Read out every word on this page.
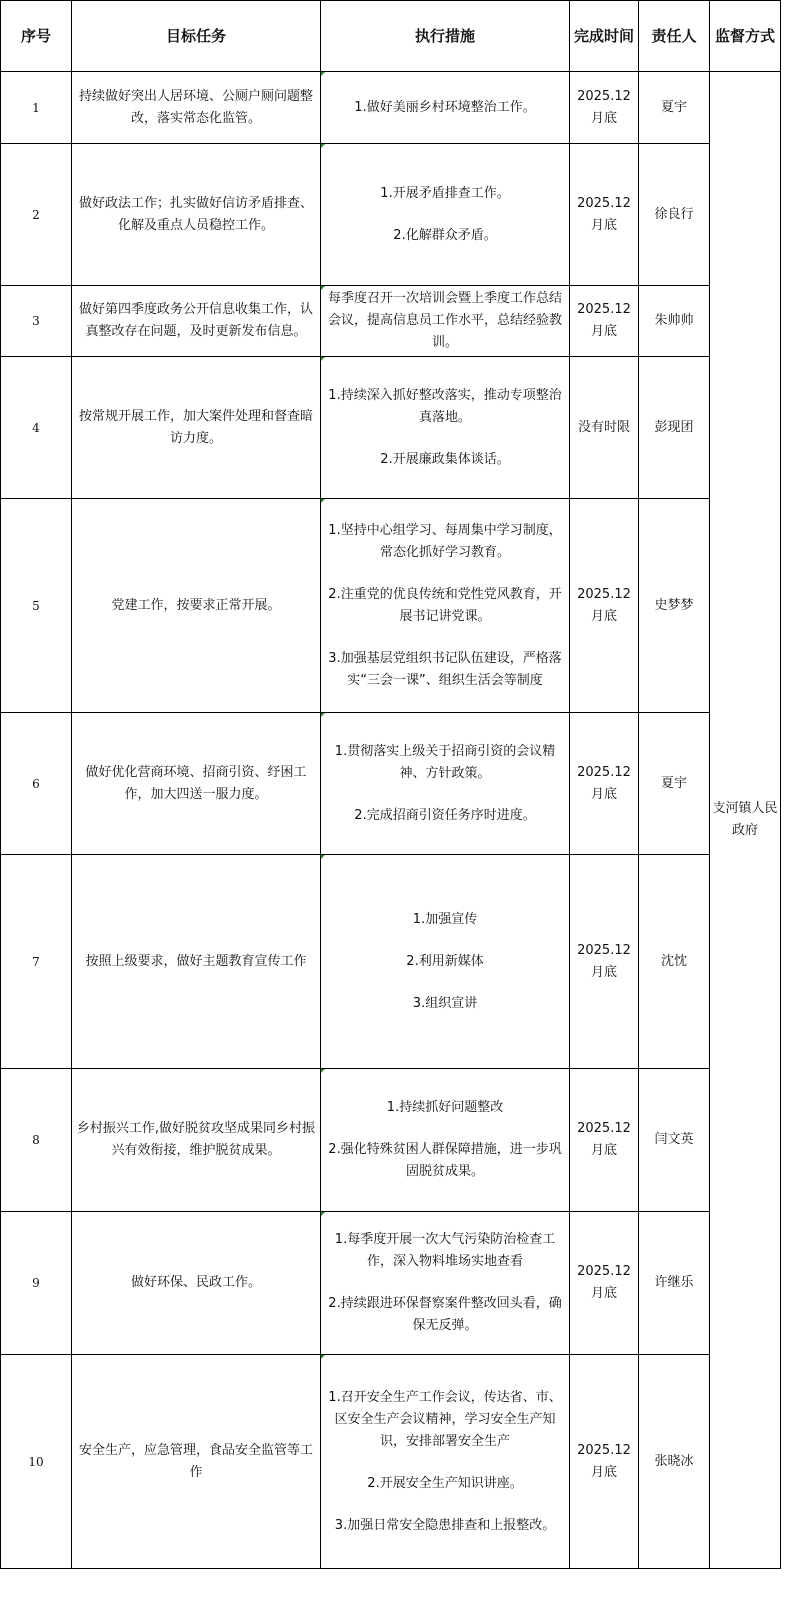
序号	目标任务	执行措施	完成时间	责任人	监督方式
1	持续做好突出人居环境、公厕户厕问题整改，落实常态化监管。	1.做好美丽乡村环境整治工作。	2025.12月底	夏宇	支河镇人民政府
2	做好政法工作；扎实做好信访矛盾排查、化解及重点人员稳控工作。	1.开展矛盾排查工作。
2.化解群众矛盾。	2025.12月底	徐良行	
3	做好第四季度政务公开信息收集工作，认真整改存在问题，及时更新发布信息。	每季度召开一次培训会暨上季度工作总结会议，提高信息员工作水平，总结经验教训。	2025.12月底	朱帅帅	
4	按常规开展工作，加大案件处理和督查暗访力度。	1.持续深入抓好整改落实，推动专项整治真落地。
2.开展廉政集体谈话。	没有时限	彭现团	
5	党建工作，按要求正常开展。	1.坚持中心组学习、每周集中学习制度，常态化抓好学习教育。
2.注重党的优良传统和党性党风教育，开展书记讲党课。
3.加强基层党组织书记队伍建设，严格落实“三会一课”、组织生活会等制度	2025.12月底	史梦梦	
6	做好优化营商环境、招商引资、纾困工作，加大四送一服力度。	1.贯彻落实上级关于招商引资的会议精神、方针政策。
2.完成招商引资任务序时进度。	2025.12月底	夏宇	
7	按照上级要求，做好主题教育宣传工作	1.加强宣传
2.利用新媒体
3.组织宣讲	2025.12月底	沈忱	
8	乡村振兴工作,做好脱贫攻坚成果同乡村振兴有效衔接，维护脱贫成果。	1.持续抓好问题整改
2.强化特殊贫困人群保障措施，进一步巩固脱贫成果。	2025.12月底	闫文英	
9	做好环保、民政工作。	1.每季度开展一次大气污染防治检查工作，深入物料堆场实地查看
2.持续跟进环保督察案件整改回头看，确保无反弹。	2025.12月底	许继乐	
10	安全生产，应急管理，食品安全监管等工作	1.召开安全生产工作会议，传达省、市、区安全生产会议精神，学习安全生产知识，安排部署安全生产
2.开展安全生产知识讲座。
3.加强日常安全隐患排查和上报整改。	2025.12月底	张晓冰	
